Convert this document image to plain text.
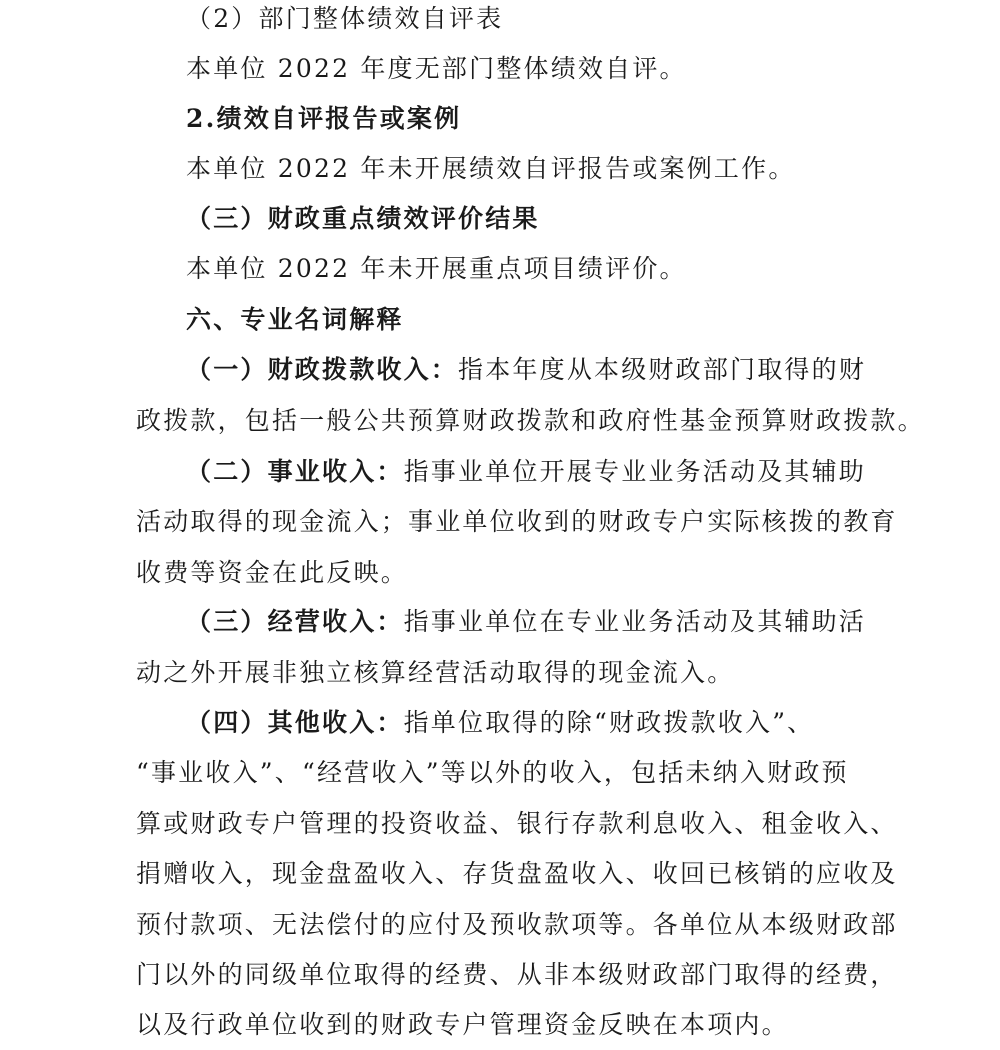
（2）部门整体绩效自评表
本单位 2022 年度无部门整体绩效自评。
2.绩效自评报告或案例
本单位 2022 年未开展绩效自评报告或案例工作。
（三）财政重点绩效评价结果
本单位 2022 年未开展重点项目绩评价。
六、专业名词解释
（一）财政拨款收入：指本年度从本级财政部门取得的财
政拨款，包括一般公共预算财政拨款和政府性基金预算财政拨款。
（二）事业收入：指事业单位开展专业业务活动及其辅助
活动取得的现金流入；事业单位收到的财政专户实际核拨的教育
收费等资金在此反映。
（三）经营收入：指事业单位在专业业务活动及其辅助活
动之外开展非独立核算经营活动取得的现金流入。
（四）其他收入：指单位取得的除“财政拨款收入”、
“事业收入”、“经营收入”等以外的收入，包括未纳入财政预
算或财政专户管理的投资收益、银行存款利息收入、租金收入、
捐赠收入，现金盘盈收入、存货盘盈收入、收回已核销的应收及
预付款项、无法偿付的应付及预收款项等。各单位从本级财政部
门以外的同级单位取得的经费、从非本级财政部门取得的经费，
以及行政单位收到的财政专户管理资金反映在本项内。
